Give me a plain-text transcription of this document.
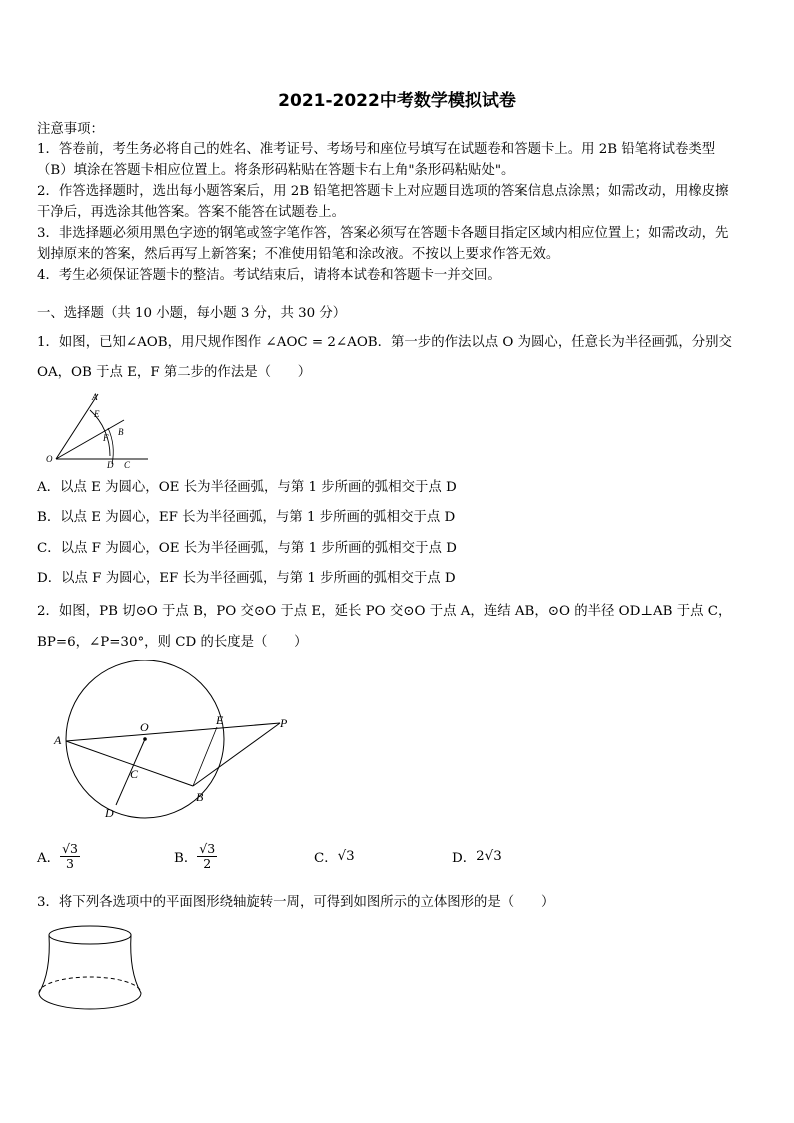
2021-2022中考数学模拟试卷
注意事项：
1．答卷前，考生务必将自己的姓名、准考证号、考场号和座位号填写在试题卷和答题卡上。用 2B 铅笔将试卷类型
（B）填涂在答题卡相应位置上。将条形码粘贴在答题卡右上角"条形码粘贴处"。
2．作答选择题时，选出每小题答案后，用 2B 铅笔把答题卡上对应题目选项的答案信息点涂黑；如需改动，用橡皮擦
干净后，再选涂其他答案。答案不能答在试题卷上。
3．非选择题必须用黑色字迹的钢笔或签字笔作答，答案必须写在答题卡各题目指定区域内相应位置上；如需改动，先
划掉原来的答案，然后再写上新答案；不准使用铅笔和涂改液。不按以上要求作答无效。
4．考生必须保证答题卡的整洁。考试结束后，请将本试卷和答题卡一并交回。
一、选择题（共 10 小题，每小题 3 分，共 30 分）
1．如图，已知∠AOB，用尺规作图作 ∠AOC = 2∠AOB．第一步的作法以点 O 为圆心，任意长为半径画弧，分别交
OA，OB 于点 E，F 第二步的作法是（　　）
A
E
B
F
O
D C
A．以点 E 为圆心，OE 长为半径画弧，与第 1 步所画的弧相交于点 D
B．以点 E 为圆心，EF 长为半径画弧，与第 1 步所画的弧相交于点 D
C．以点 F 为圆心，OE 长为半径画弧，与第 1 步所画的弧相交于点 D
D．以点 F 为圆心，EF 长为半径画弧，与第 1 步所画的弧相交于点 D
2．如图，PB 切⊙O 于点 B，PO 交⊙O 于点 E，延长 PO 交⊙O 于点 A，连结 AB，⊙O 的半径 OD⊥AB 于点 C，
BP=6，∠P=30°，则 CD 的长度是（　　）
A
O	E	P
C
B
D
A． $\frac{√3}{3}$	B． $\frac{√3}{2}$	C． √3	D． 2√3
3．将下列各选项中的平面图形绕轴旋转一周，可得到如图所示的立体图形的是（　　）
